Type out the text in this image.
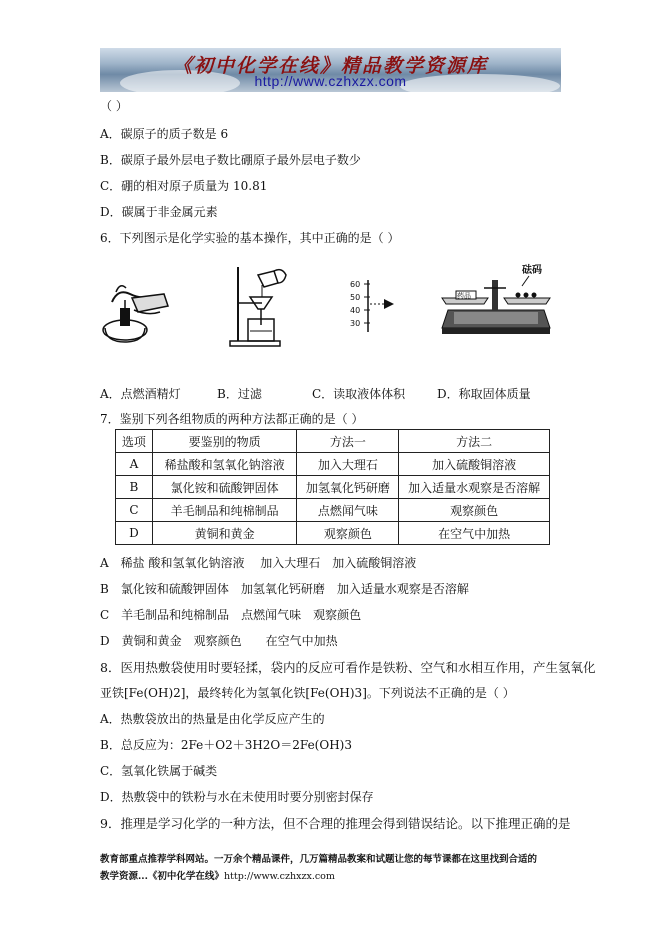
《初中化学在线》精品教学资源库
http://www.czhxzx.com
（ ）
A．碳原子的质子数是 6
B．碳原子最外层电子数比硼原子最外层电子数少
C．硼的相对原子质量为 10.81
D．碳属于非金属元素
6．下列图示是化学实验的基本操作，其中正确的是（ ）
60
50
40
30
砝码
药品
A．点燃酒精灯	B．过滤	C．读取液体体积	D．称取固体质量
7．鉴别下列各组物质的两种方法都正确的是（ ）
选项	要鉴别的物质	方法一	方法二
A	稀盐酸和氢氧化钠溶液	加入大理石	加入硫酸铜溶液
B	氯化铵和硫酸钾固体	加氢氧化钙研磨	加入适量水观察是否溶解
C	羊毛制品和纯棉制品	点燃闻气味	观察颜色
D	黄铜和黄金	观察颜色	在空气中加热
A　稀盐 酸和氢氧化钠溶液　 加入大理石　加入硫酸铜溶液
B　氯化铵和硫酸钾固体　加氢氧化钙研磨　加入适量水观察是否溶解
C　羊毛制品和纯棉制品　点燃闻气味　观察颜色
D　黄铜和黄金　观察颜色　　在空气中加热
8．医用热敷袋使用时要轻揉，袋内的反应可看作是铁粉、空气和水相互作用，产生氢氧化
亚铁[Fe(OH)2]，最终转化为氢氧化铁[Fe(OH)3]。下列说法不正确的是（ ）
A．热敷袋放出的热量是由化学反应产生的
B．总反应为：2Fe＋O2＋3H2O＝2Fe(OH)3
C．氢氧化铁属于碱类
D．热敷袋中的铁粉与水在未使用时要分别密封保存
9．推理是学习化学的一种方法，但不合理的推理会得到错误结论。以下推理正确的是
教育部重点推荐学科网站。一万余个精品课件，几万篇精品教案和试题让您的每节课都在这里找到合适的
教学资源...《初中化学在线》http://www.czhxzx.com
